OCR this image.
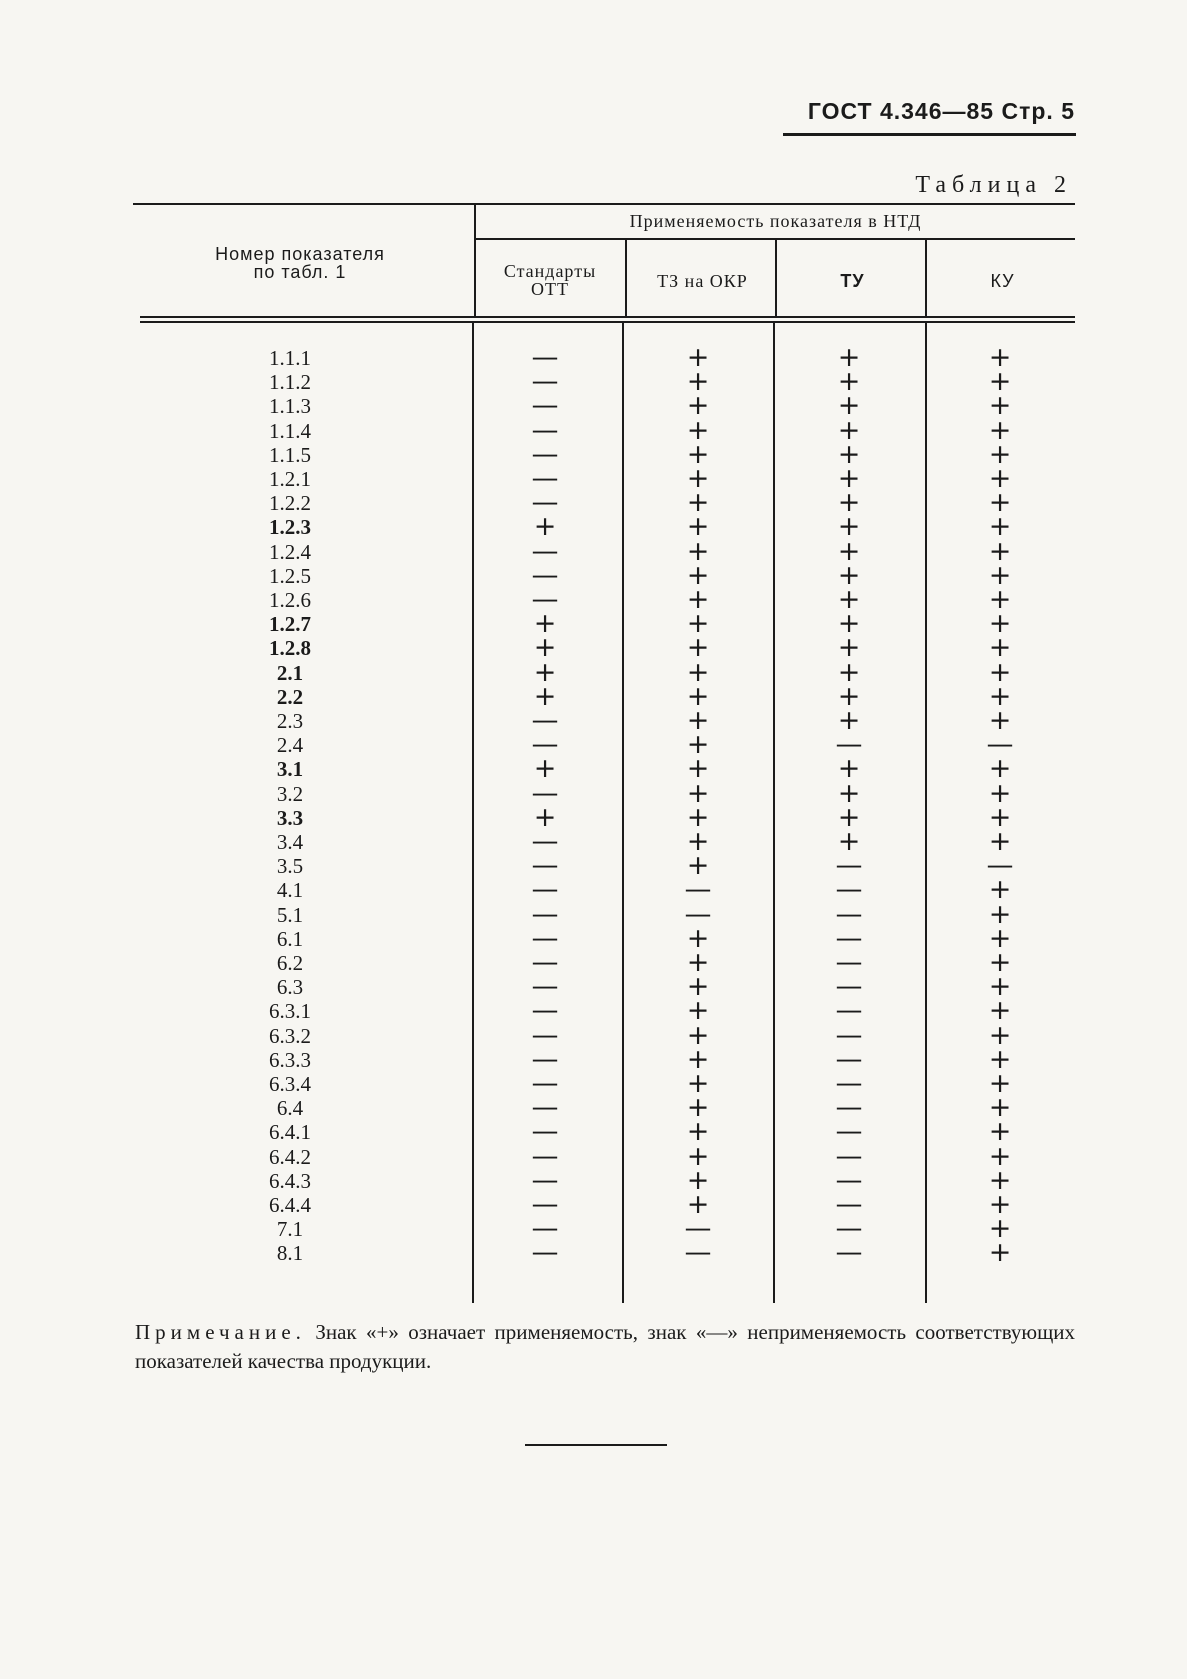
ГОСТ 4.346—85 Стр. 5
Таблица 2
Номер показателя по табл. 1
Применяемость показателя в НТД
Стандарты ОТТ	ТЗ на ОКР	ТУ	КУ
1.1.1	—	+	+	+
1.1.2	—	+	+	+
1.1.3	—	+	+	+
1.1.4	—	+	+	+
1.1.5	—	+	+	+
1.2.1	—	+	+	+
1.2.2	—	+	+	+
1.2.3	+	+	+	+
1.2.4	—	+	+	+
1.2.5	—	+	+	+
1.2.6	—	+	+	+
1.2.7	+	+	+	+
1.2.8	+	+	+	+
2.1	+	+	+	+
2.2	+	+	+	+
2.3	—	+	+	+
2.4	—	+	—	—
3.1	+	+	+	+
3.2	—	+	+	+
3.3	+	+	+	+
3.4	—	+	+	+
3.5	—	+	—	—
4.1	—	—	—	+
5.1	—	—	—	+
6.1	—	+	—	+
6.2	—	+	—	+
6.3	—	+	—	+
6.3.1	—	+	—	+
6.3.2	—	+	—	+
6.3.3	—	+	—	+
6.3.4	—	+	—	+
6.4	—	+	—	+
6.4.1	—	+	—	+
6.4.2	—	+	—	+
6.4.3	—	+	—	+
6.4.4	—	+	—	+
7.1	—	—	—	+
8.1	—	—	—	+
Примечание. Знак «+» означает применяемость, знак «—» неприменяемость соответствующих показателей качества продукции.
